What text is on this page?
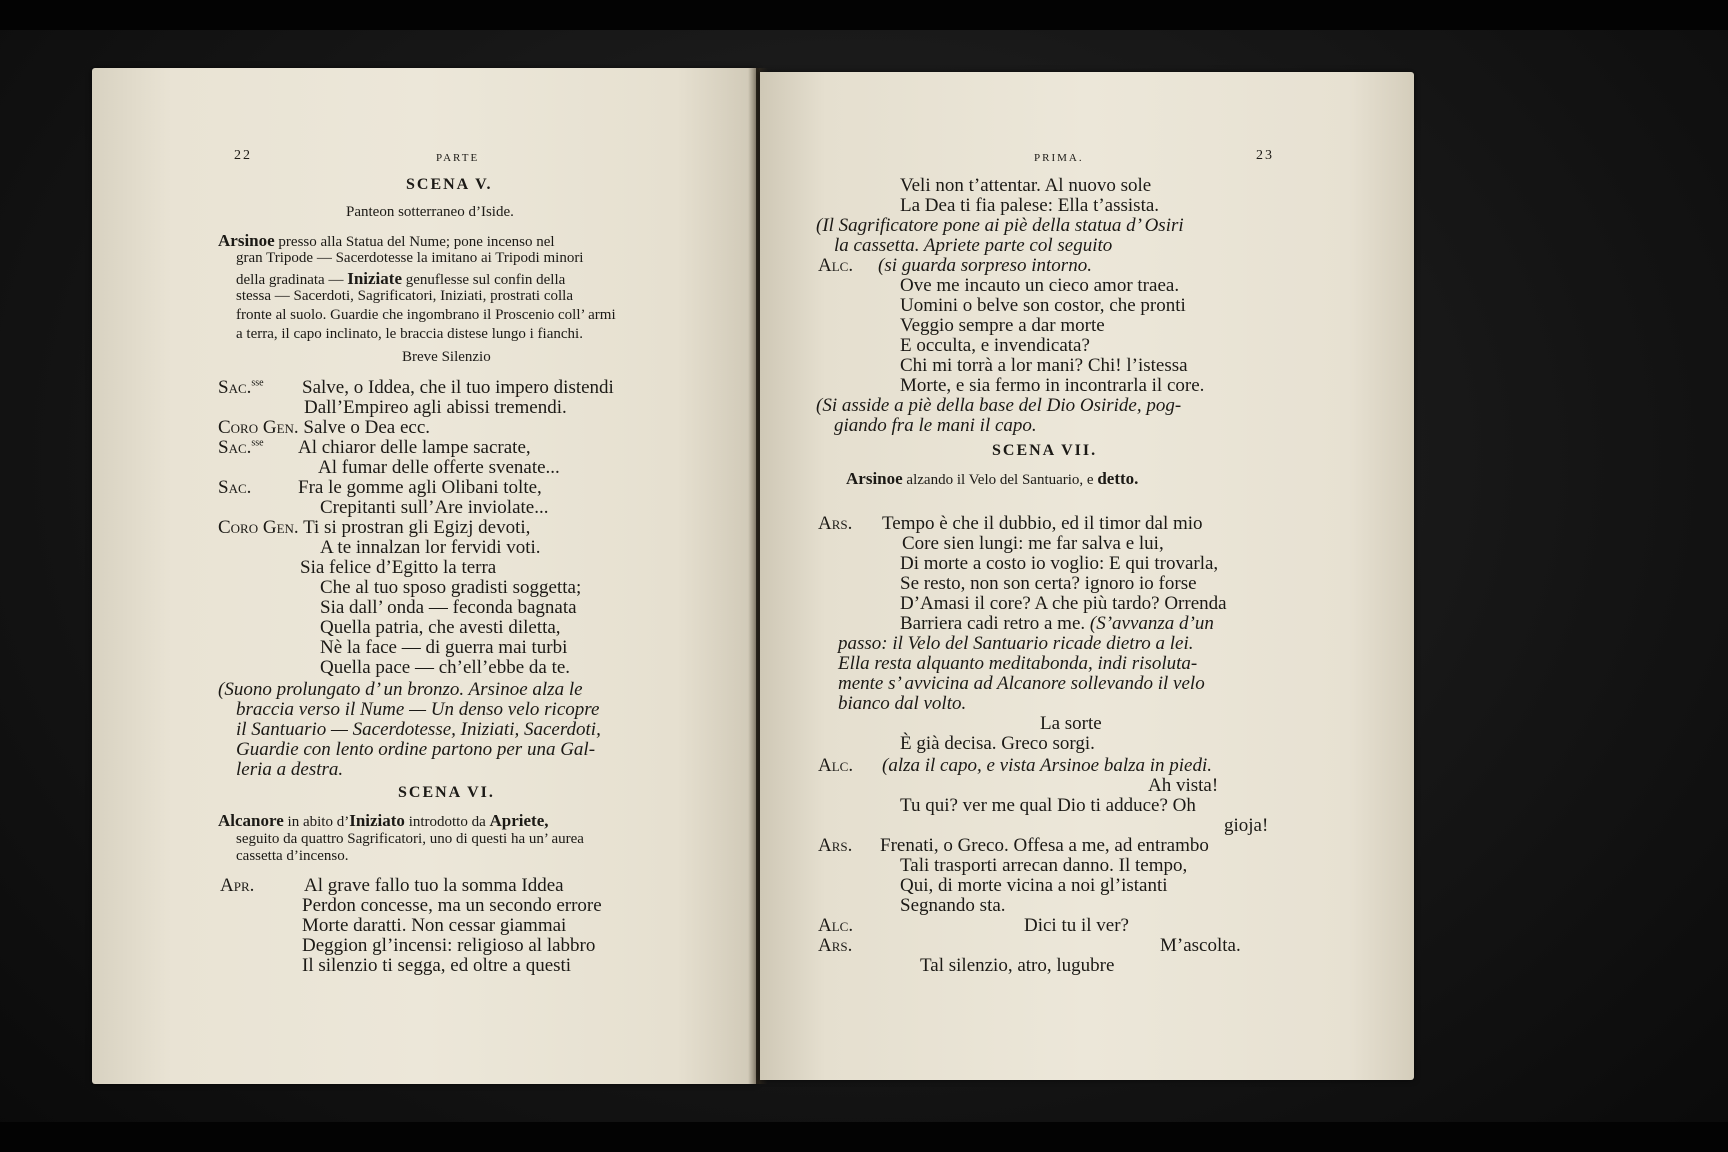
22	PARTE
SCENA V.
Panteon sotterraneo d’Iside.
Arsinoe presso alla Statua del Nume; pone incenso nel
gran Tripode — Sacerdotesse la imitano ai Tripodi minori
della gradinata — Iniziate genuflesse sul confin della
stessa — Sacerdoti, Sagrificatori, Iniziati, prostrati colla
fronte al suolo. Guardie che ingombrano il Proscenio coll’ armi
a terra, il capo inclinato, le braccia distese lungo i fianchi.
Breve Silenzio
Sac.$^{sse}$ Salve, o Iddea, che il tuo impero distendi
Dall’Empireo agli abissi tremendi.
Coro Gen. Salve o Dea ecc.
Sac.$^{sse}$ Al chiaror delle lampe sacrate,
Al fumar delle offerte svenate...
Sac. Fra le gomme agli Olibani tolte,
Crepitanti sull’Are inviolate...
Coro Gen. Ti si prostran gli Egizj devoti,
A te innalzan lor fervidi voti.
Sia felice d’Egitto la terra
Che al tuo sposo gradisti soggetta;
Sia dall’ onda — feconda bagnata
Quella patria, che avesti diletta,
Nè la face — di guerra mai turbi
Quella pace — ch’ell’ebbe da te.
(Suono prolungato d’ un bronzo. Arsinoe alza le
braccia verso il Nume — Un denso velo ricopre
il Santuario — Sacerdotesse, Iniziati, Sacerdoti,
Guardie con lento ordine partono per una Gal-
leria a destra.
SCENA VI.
Alcanore in abito d’Iniziato introdotto da Apriete,
seguito da quattro Sagrificatori, uno di questi ha un’ aurea
cassetta d’incenso.
Apr.	Al grave fallo tuo la somma Iddea
Perdon concesse, ma un secondo errore
Morte daratti. Non cessar giammai
Deggion gl’incensi: religioso al labbro
Il silenzio ti segga, ed oltre a questi
PRIMA.	23
Veli non t’attentar. Al nuovo sole
La Dea ti fia palese: Ella t’assista.
(Il Sagrificatore pone ai piè della statua d’ Osiri
la cassetta. Apriete parte col seguito
Alc. (si guarda sorpreso intorno.
Ove me incauto un cieco amor traea.
Uomini o belve son costor, che pronti
Veggio sempre a dar morte
E occulta, e invendicata?
Chi mi torrà a lor mani? Chi! l’istessa
Morte, e sia fermo in incontrarla il core.
(Si asside a piè della base del Dio Osiride, pog-
giando fra le mani il capo.
SCENA VII.
Arsinoe alzando il Velo del Santuario, e detto.
Ars. Tempo è che il dubbio, ed il timor dal mio
Core sien lungi: me far salva e lui,
Di morte a costo io voglio: E qui trovarla,
Se resto, non son certa? ignoro io forse
D’Amasi il core? A che più tardo? Orrenda
Barriera cadi retro a me. (S’avvanza d’un
passo: il Velo del Santuario ricade dietro a lei.
Ella resta alquanto meditabonda, indi risoluta-
mente s’ avvicina ad Alcanore sollevando il velo
bianco dal volto.
La sorte
È già decisa. Greco sorgi.
Alc. (alza il capo, e vista Arsinoe balza in piedi.
Ah vista!
Tu qui? ver me qual Dio ti adduce? Oh
gioja!
Ars. Frenati, o Greco. Offesa a me, ad entrambo
Tali trasporti arrecan danno. Il tempo,
Qui, di morte vicina a noi gl’istanti
Segnando sta.
Alc.	Dici tu il ver?
Ars.	M’ascolta.
Tal silenzio, atro, lugubre
